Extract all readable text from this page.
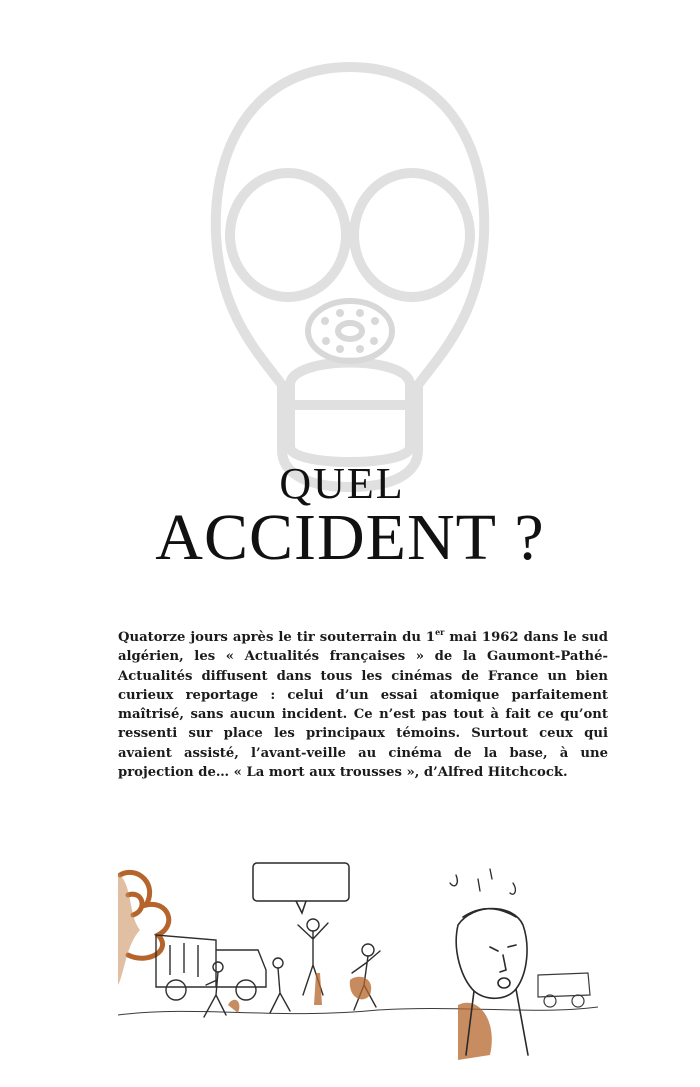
QUEL
ACCIDENT ?
Quatorze jours après le tir souterrain du 1er mai 1962 dans le sud algérien, les « Actualités françaises » de la Gaumont-Pathé-Actualités diffusent dans tous les cinémas de France un bien curieux reportage : celui d’un essai atomique parfaitement maîtrisé, sans aucun incident. Ce n’est pas tout à fait ce qu’ont ressenti sur place les principaux témoins. Surtout ceux qui avaient assisté, l’avant-veille au cinéma de la base, à une projection de… « La mort aux trousses », d’Alfred Hitchcock.
